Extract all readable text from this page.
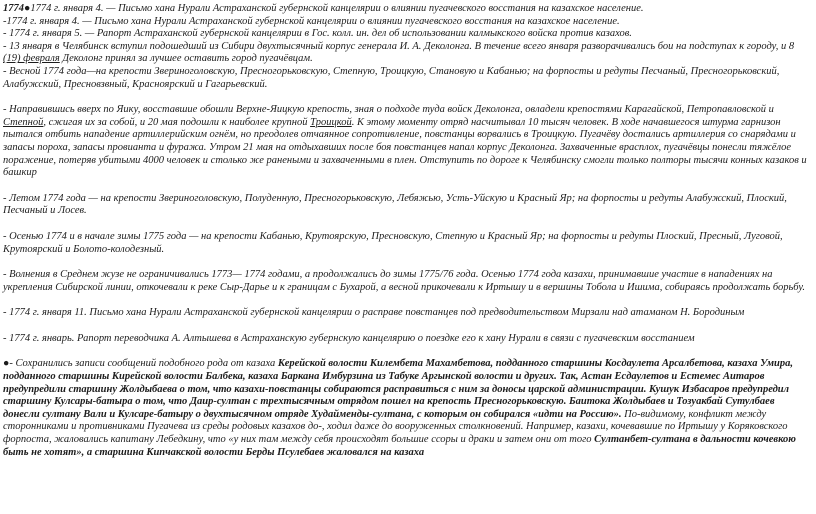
1774●1774 г. января 4. — Письмо хана Нурали Астраханской губернской канцелярии о влиянии пугачевского восстания на казахское население.

-1774 г. января 4. — Письмо хана Нурали Астраханской губернской канцелярии о влиянии пугачевского восстания на казахское население.

- 1774 г. января 5. — Рапорт Астраханской губернской канцелярии в Гос. колл. ин. дел об использовании калмыкского войска против казахов.

- 13 января в Челябинск вступил подошедший из Сибири двухтысячный корпус генерала И. А. Деколонга. В течение всего января разворачивались бои на подступах к городу, и 8 (19) февраля Деколонг принял за лучшее оставить город пугачёвцам.

- Весной 1774 года—на крепости Звериноголовскую, Пресногорьковскую, Степную, Троицкую, Становую и Кабанью; на форпосты и редуты Песчаный, Пресногорьковский, Алабужский, Пресновзвный, Красноярский и Гагарьевский.

- Направившись вверх по Яику, восставшие обошли Верхне-Яицкую крепость, зная о подходе туда войск Деколонга, овладели крепостями Карагайской, Петропавловской и Степной, сжигая их за собой, и 20 мая подошли к наиболее крупной Троицкой. К этому моменту отряд насчитывал 10 тысяч человек. В ходе начавшегося штурма гарнизон пытался отбить нападение артиллерийским огнём, но преодолев отчаянное сопротивление, повстанцы ворвались в Троицкую. Пугачёву достались артиллерия со снарядами и запасы пороха, запасы провианта и фуража. Утром 21 мая на отдыхавших после боя повстанцев напал корпус Деколонга. Захваченные врасплох, пугачёвцы понесли тяжёлое поражение, потеряв убитыми 4000 человек и столько же ранеными и захваченными в плен. Отступить по дороге к Челябинску смогли только полторы тысячи конных казаков и башкир

- Летом 1774 года — на крепости Звериноголовскую, Полуденную, Пресногорьковскую, Лебяжью, Усть-Уйскую и Красный Яр; на форпосты и редуты Алабужский, Плоский, Песчаный и Лосев.

- Осенью 1774 и в начале зимы 1775 года — на крепости Кабанью, Крутоярскую, Пресновскую, Степную и Красный Яр; на форпосты и редуты Плоский, Пресный, Луговой, Крутоярский и Болото-колодезный.

- Волнения в Среднем жузе не ограничивались 1773— 1774 годами, а продолжались до зимы 1775/76 года. Осенью 1774 года казахи, принимавшие участие в нападениях на укрепления Сибирской линии, откочевали к реке Сыр-Дарье и к границам с Бухарой, а весной прикочевали к Иртышу и в вершины Тобола и Ишима, собираясь продолжать борьбу.

- 1774 г. января 11. Письмо хана Нурали Астраханской губернской канцелярии о расправе повстанцев под предводительством Мирзали над атаманом Н. Бородиным

- 1774 г. январь. Рапорт переводчика А. Алтышева в Астраханскую губернскую канцелярию о поездке его к хану Нурали в связи с пугачевским восстанием

●- Сохранились записи сообщений подобного рода от казаха Керейской волости Килембета Махамбетова, подданного старшины Косдаулета Арсалбетова, казаха Умира, подданного старшины Кирейской волости Балбека, казаха Баркана Имбурзина из Табуке Аргынской волости и других. Так, Астан Есдаулетов и Естемес Аитаров предупредили старшину Жолдыбаева о том, что казахи-повстанцы собираются расправиться с ним за доносы царской администрации. Кушук Избасаров предупредил старшину Кулсары-батыра о том, что Даир-султан с трехтысячным отрядом пошел на крепость Пресногорьковскую. Баитока Жолдыбаев и Тозуакбай Сутулбаев донесли султану Вали и Кулсаре-батыру о двухтысячном отряде Худайменды-султана, с которым он собирался «идти на Россию». По-видимому, конфликт между сторонниками и противниками Пугачева из среды родовых казахов до-, ходил даже до вооруженных столкновений. Например, казахи, кочевавшие по Иртышу у Коряковского форпоста, жаловались капитану Лебедкину, что «у них там между себя происходят большие ссоры и драки и затем они от того Султанбет-султана в дальности кочевкою быть не хотят», а старшина Кипчакской волости Берды Псулебаев жаловался на казаха
